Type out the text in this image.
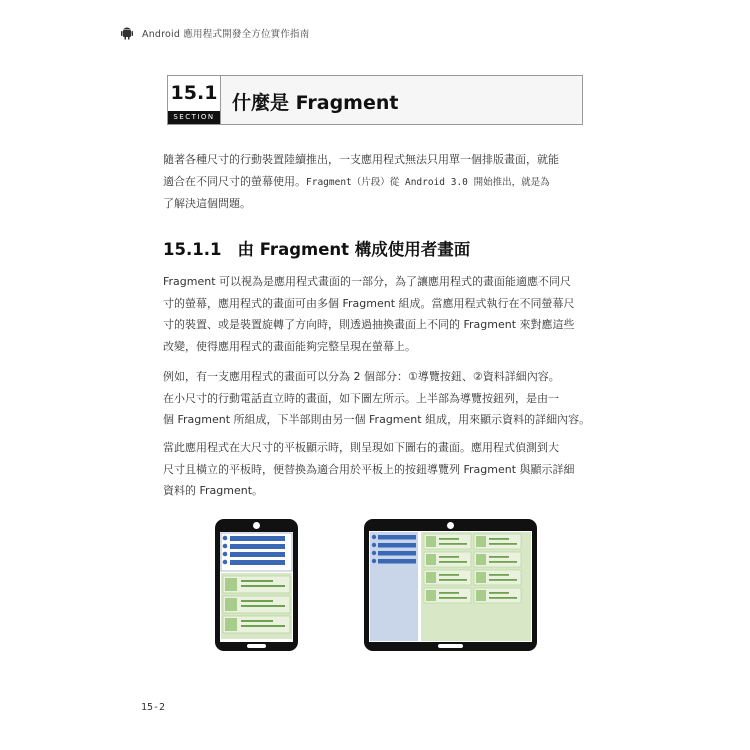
Android 應用程式開發全方位實作指南
15.1
SECTION
什麼是 Fragment
隨著各種尺寸的行動裝置陸續推出，一支應用程式無法只用單一個排版畫面，就能
適合在不同尺寸的螢幕使用。Fragment（片段）從 Android 3.0 開始推出，就是為
了解決這個問題。
15.1.1 由 Fragment 構成使用者畫面
Fragment 可以視為是應用程式畫面的一部分，為了讓應用程式的畫面能適應不同尺
寸的螢幕，應用程式的畫面可由多個 Fragment 組成。當應用程式執行在不同螢幕尺
寸的裝置、或是裝置旋轉了方向時，則透過抽換畫面上不同的 Fragment 來對應這些
改變，使得應用程式的畫面能夠完整呈現在螢幕上。
例如，有一支應用程式的畫面可以分為 2 個部分：①導覽按鈕、②資料詳細內容。
在小尺寸的行動電話直立時的畫面，如下圖左所示。上半部為導覽按鈕列，是由一
個 Fragment 所組成，下半部則由另一個 Fragment 組成，用來顯示資料的詳細內容。
當此應用程式在大尺寸的平板顯示時，則呈現如下圖右的畫面。應用程式偵測到大
尺寸且橫立的平板時，便替換為適合用於平板上的按鈕導覽列 Fragment 與顯示詳細
資料的 Fragment。
15-2
